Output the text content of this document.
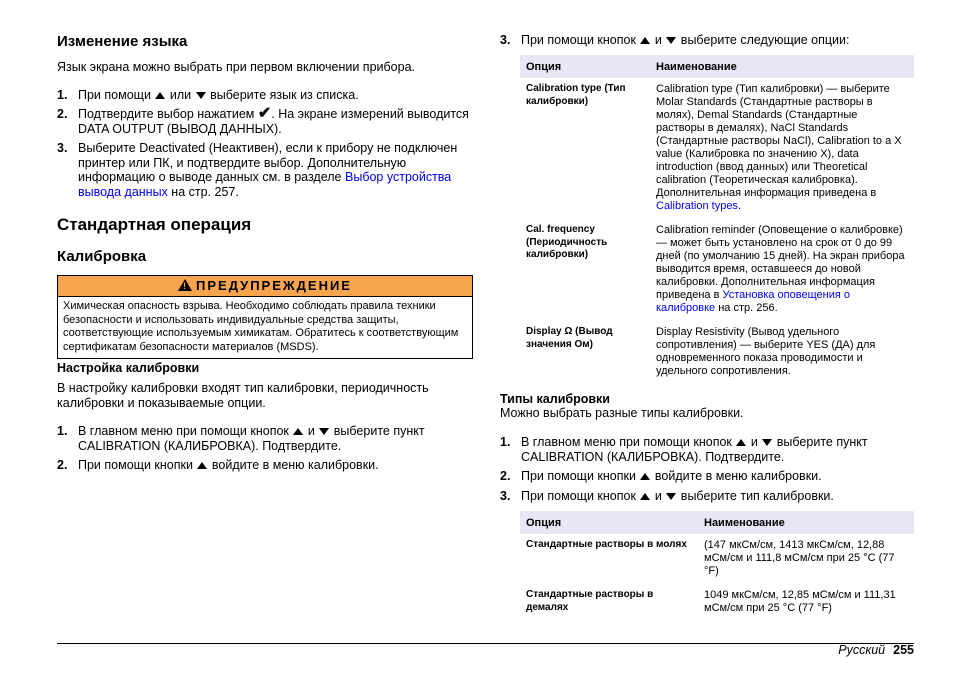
Изменение языка
Язык экрана можно выбрать при первом включении прибора.
1. При помощи  или  выберите язык из списка.
2. Подтвердите выбор нажатием ✔. На экране измерений выводится DATA OUTPUT (ВЫВОД ДАННЫХ).
3. Выберите Deactivated (Неактивен), если к прибору не подключен принтер или ПК, и подтвердите выбор. Дополнительную информацию о выводе данных см. в разделе Выбор устройства вывода данных на стр. 257.
Стандартная операция
Калибровка
! ПРЕДУПРЕЖДЕНИЕ
Химическая опасность взрыва. Необходимо соблюдать правила техники безопасности и использовать индивидуальные средства защиты, соответствующие используемым химикатам. Обратитесь к соответствующим сертификатам безопасности материалов (MSDS).
Настройка калибровки
В настройку калибровки входят тип калибровки, периодичность калибровки и показываемые опции.
1. В главном меню при помощи кнопок  и  выберите пункт CALIBRATION (КАЛИБРОВКА). Подтвердите.
2. При помощи кнопки  войдите в меню калибровки.
3. При помощи кнопок  и  выберите следующие опции:
Опция	Наименование
Calibration type (Тип калибровки)	Calibration type (Тип калибровки) — выберите Molar Standards (Стандартные растворы в молях), Demal Standards (Стандартные растворы в демалях), NaCl Standards (Стандартные растворы NaCl), Calibration to a X value (Калибровка по значению X), data introduction (ввод данных) или Theoretical calibration (Теоретическая калибровка). Дополнительная информация приведена в Calibration types.
Cal. frequency (Периодичность калибровки)	Calibration reminder (Оповещение о калибровке) — может быть установлено на срок от 0 до 99 дней (по умолчанию 15 дней). На экран прибора выводится время, оставшееся до новой калибровки. Дополнительная информация приведена в Установка оповещения о калибровке на стр. 256.
Display Ω (Вывод значения Ом)	Display Resistivity (Вывод удельного сопротивления) — выберите YES (ДА) для одновременного показа проводимости и удельного сопротивления.
Типы калибровки
Можно выбрать разные типы калибровки.
1. В главном меню при помощи кнопок  и  выберите пункт CALIBRATION (КАЛИБРОВКА). Подтвердите.
2. При помощи кнопки  войдите в меню калибровки.
3. При помощи кнопок  и  выберите тип калибровки.
Опция	Наименование
Стандартные растворы в молях	(147 мкСм/см, 1413 мкСм/см, 12,88 мСм/см и 111,8 мСм/см при 25 °C (77 °F)
Стандартные растворы в демалях	1049 мкСм/см, 12,85 мСм/см и 111,31 мСм/см при 25 °C (77 °F)
Русский 255
